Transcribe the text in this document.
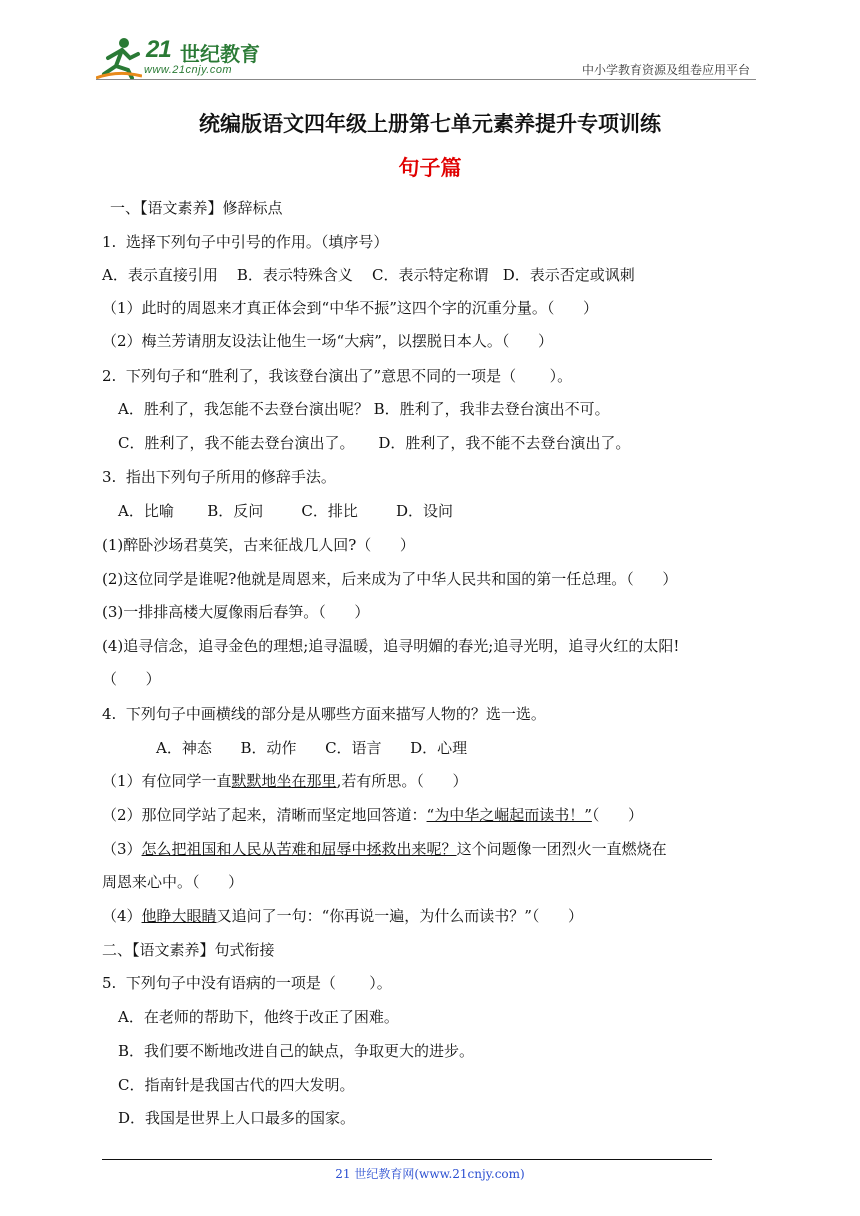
21 世纪教育
www.21cnjy.com	中小学教育资源及组卷应用平台
统编版语文四年级上册第七单元素养提升专项训练
句子篇
一、【语文素养】修辞标点
1.  选择下列句子中引号的作用。（填序号）
A．表示直接引用    B．表示特殊含义    C．表示特定称谓   D．表示否定或讽刺
（1）此时的周恩来才真正体会到“中华不振”这四个字的沉重分量。（      ）
（2）梅兰芳请朋友设法让他生一场“大病”，以摆脱日本人。（      ）
2.  下列句子和“胜利了，我该登台演出了”意思不同的一项是（       ）。
A．胜利了，我怎能不去登台演出呢？ B．胜利了，我非去登台演出不可。
C．胜利了，我不能去登台演出了。     D．胜利了，我不能不去登台演出了。
3.  指出下列句子所用的修辞手法。
A．比喻       B．反问        C．排比        D．设问
(1)醉卧沙场君莫笑，古来征战几人回?（      ）
(2)这位同学是谁呢?他就是周恩来，后来成为了中华人民共和国的第一任总理。（      ）
(3)一排排高楼大厦像雨后春笋。（      ）
(4)追寻信念，追寻金色的理想;追寻温暖，追寻明媚的春光;追寻光明，追寻火红的太阳!
（      ）
4.  下列句子中画横线的部分是从哪些方面来描写人物的？选一选。
A．神态      B．动作      C．语言      D．心理
（1）有位同学一直默默地坐在那里,若有所思。（      ）
（2）那位同学站了起来，清晰而坚定地回答道：“为中华之崛起而读书！”（      ）
（3）怎么把祖国和人民从苦难和屈辱中拯救出来呢？这个问题像一团烈火一直燃烧在
周恩来心中。（      ）
（4）他睁大眼睛又追问了一句：“你再说一遍，为什么而读书？”（      ）
二、【语文素养】句式衔接
5.  下列句子中没有语病的一项是（       ）。
A．在老师的帮助下，他终于改正了困难。
B．我们要不断地改进自己的缺点，争取更大的进步。
C．指南针是我国古代的四大发明。
D．我国是世界上人口最多的国家。
21 世纪教育网(www.21cnjy.com)
